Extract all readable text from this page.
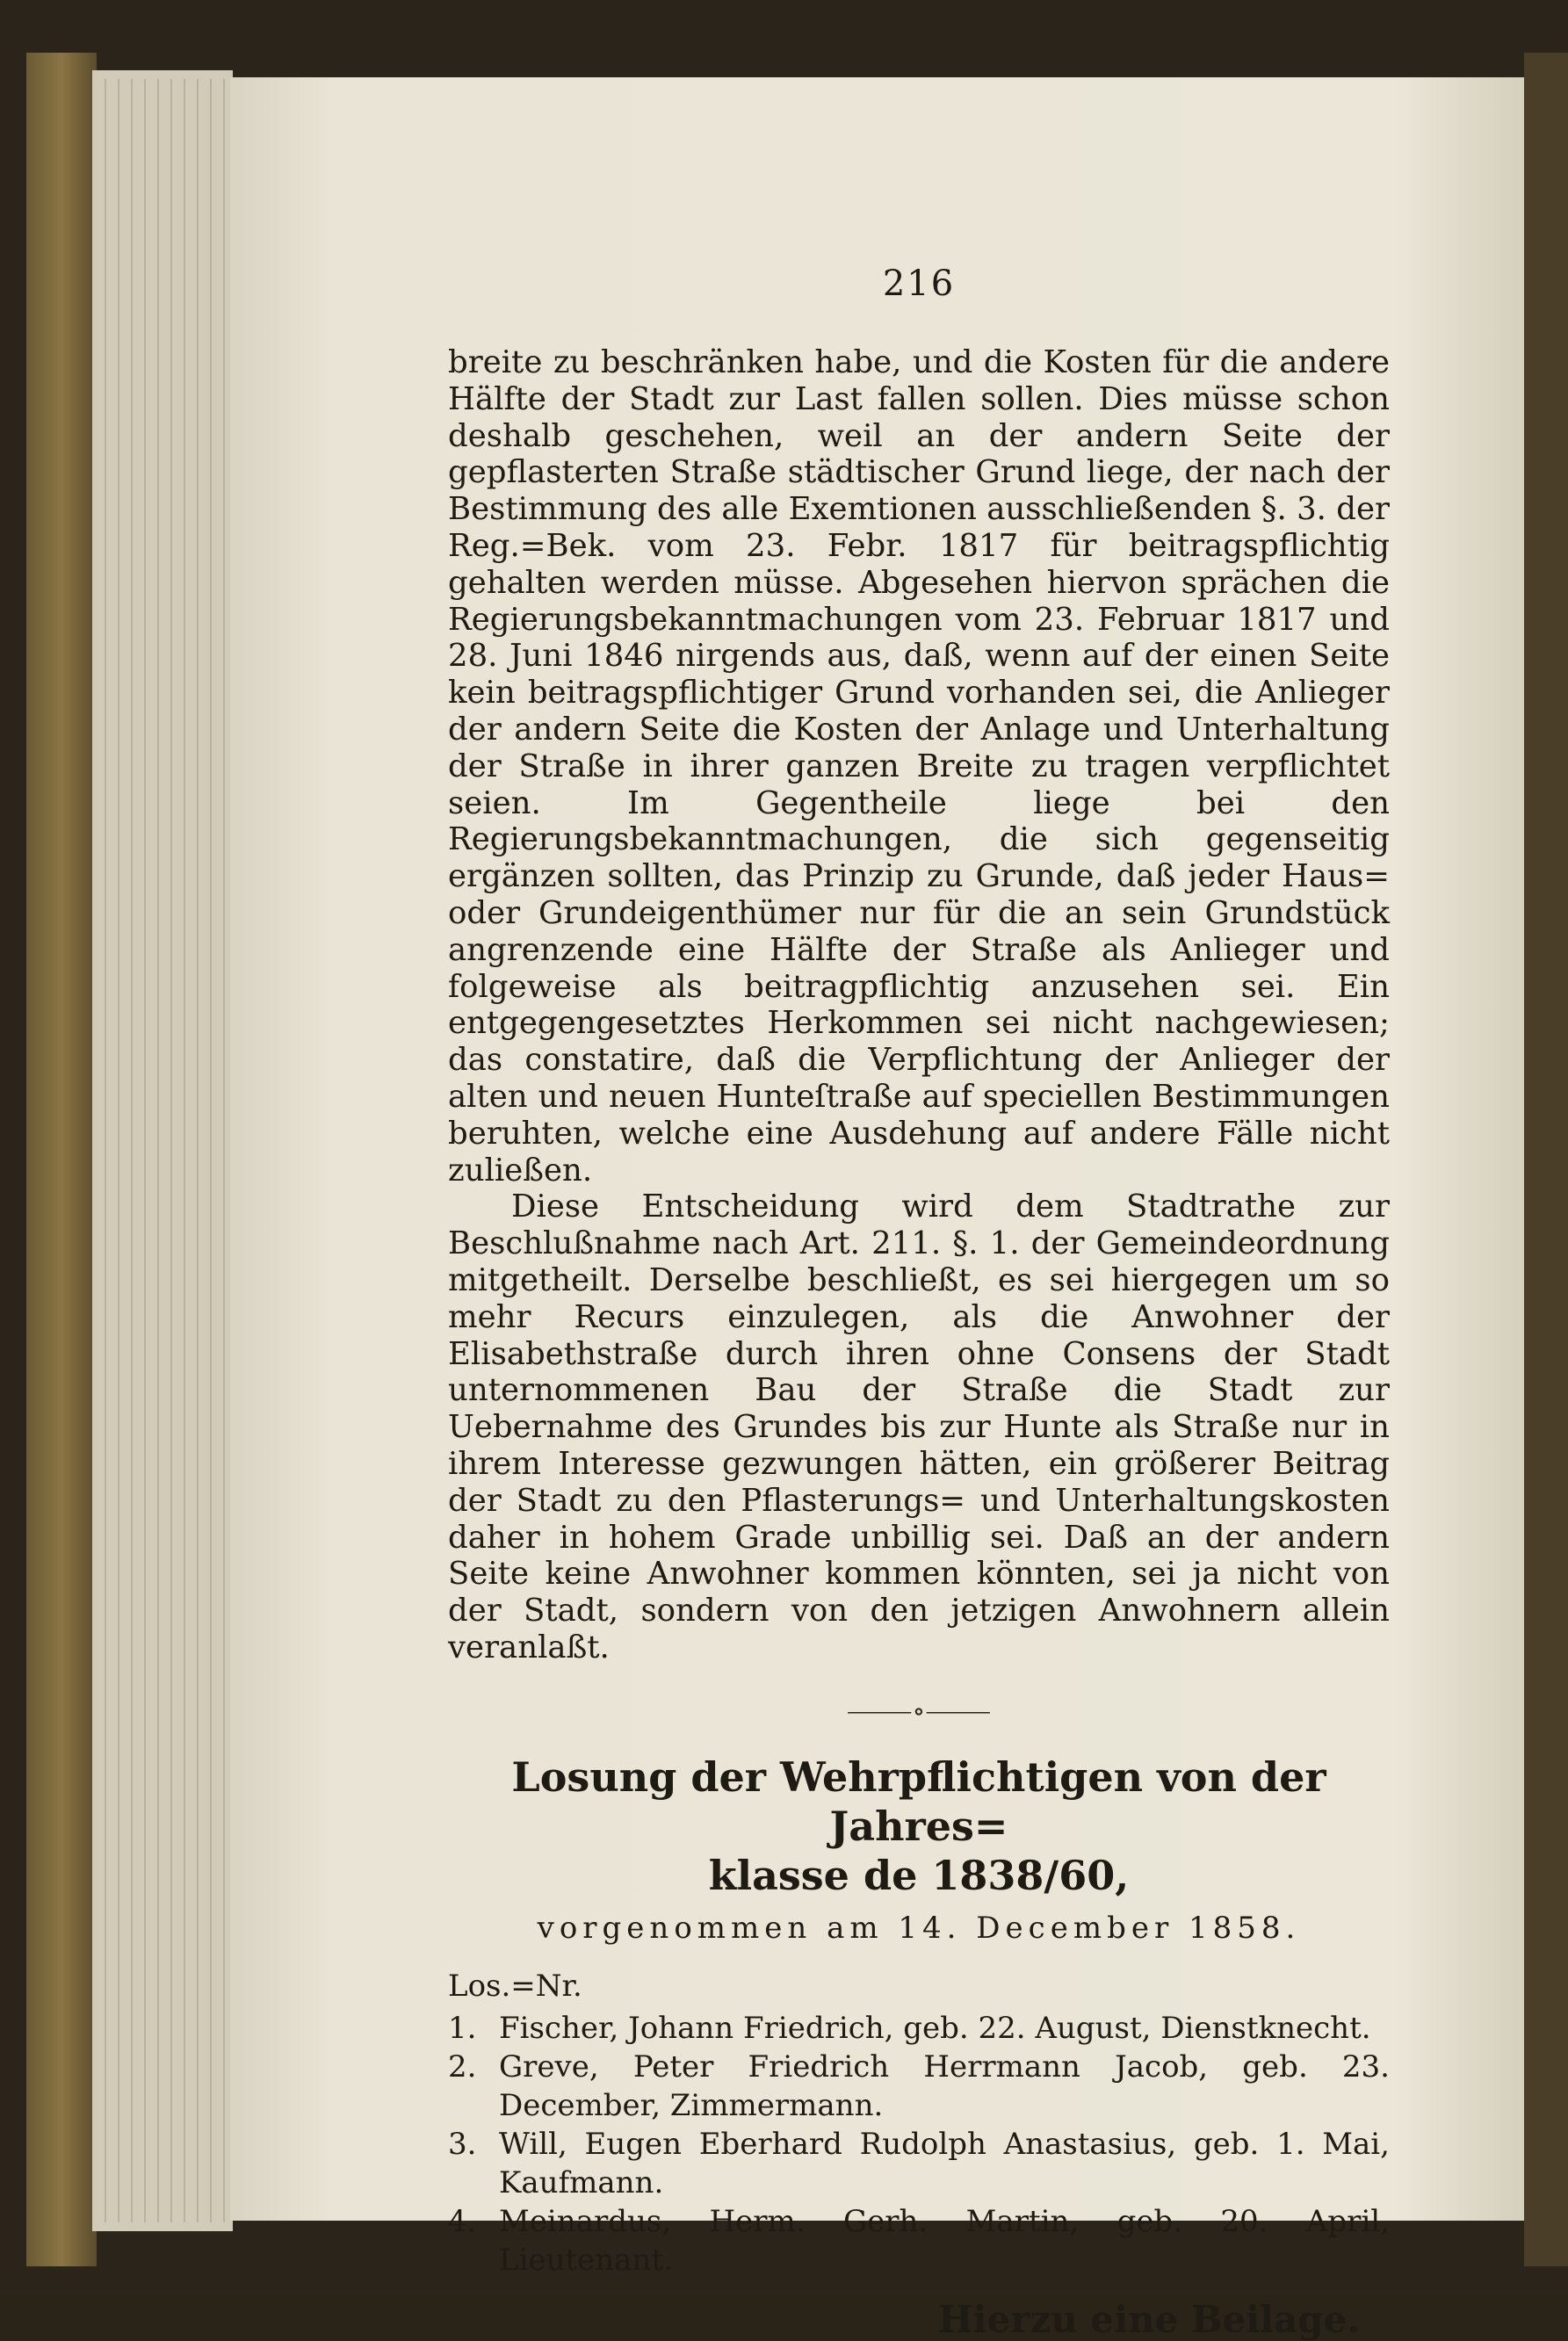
216

breite zu beschränken habe, und die Kosten für die andere Hälfte der Stadt zur Last fallen sollen. Dies müsse schon deshalb geschehen, weil an der andern Seite der gepflasterten Straße städtischer Grund liege, der nach der Bestimmung des alle Exemtionen ausschließenden §. 3. der Reg.=Bek. vom 23. Febr. 1817 für beitragspflichtig gehalten werden müsse. Abgesehen hiervon sprächen die Regierungsbekanntmachungen vom 23. Februar 1817 und 28. Juni 1846 nirgends aus, daß, wenn auf der einen Seite kein beitragspflichtiger Grund vorhanden sei, die Anlieger der andern Seite die Kosten der Anlage und Unterhaltung der Straße in ihrer ganzen Breite zu tragen verpflichtet seien. Im Gegentheile liege bei den Regierungsbekanntmachungen, die sich gegenseitig ergänzen sollten, das Prinzip zu Grunde, daß jeder Haus= oder Grundeigenthümer nur für die an sein Grundstück angrenzende eine Hälfte der Straße als Anlieger und folgeweise als beitragpflichtig anzusehen sei. Ein entgegengesetztes Herkommen sei nicht nachgewiesen; das constatire, daß die Verpflichtung der Anlieger der alten und neuen Hunteſtraße auf speciellen Bestimmungen beruhten, welche eine Ausdehung auf andere Fälle nicht zuließen.

Diese Entscheidung wird dem Stadtrathe zur Beschlußnahme nach Art. 211. §. 1. der Gemeindeordnung mitgetheilt. Derselbe beschließt, es sei hiergegen um so mehr Recurs einzulegen, als die Anwohner der Elisabethstraße durch ihren ohne Consens der Stadt unternommenen Bau der Straße die Stadt zur Uebernahme des Grundes bis zur Hunte als Straße nur in ihrem Interesse gezwungen hätten, ein größerer Beitrag der Stadt zu den Pflasterungs= und Unterhaltungskosten daher in hohem Grade unbillig sei. Daß an der andern Seite keine Anwohner kommen könnten, sei ja nicht von der Stadt, sondern von den jetzigen Anwohnern allein veranlaßt.

⸻∘⸻
Losung der Wehrpflichtigen von der Jahres=
klasse de 1838/60,
vorgenommen am 14. December 1858.
Los.=Nr.
1. Fischer, Johann Friedrich, geb. 22. August, Dienstknecht.
2. Greve, Peter Friedrich Herrmann Jacob, geb. 23. December, Zimmermann.
3. Will, Eugen Eberhard Rudolph Anastasius, geb. 1. Mai, Kaufmann.
4. Meinardus, Herm. Gerh. Martin, geb. 20. April, Lieutenant.
Hierzu eine Beilage.
